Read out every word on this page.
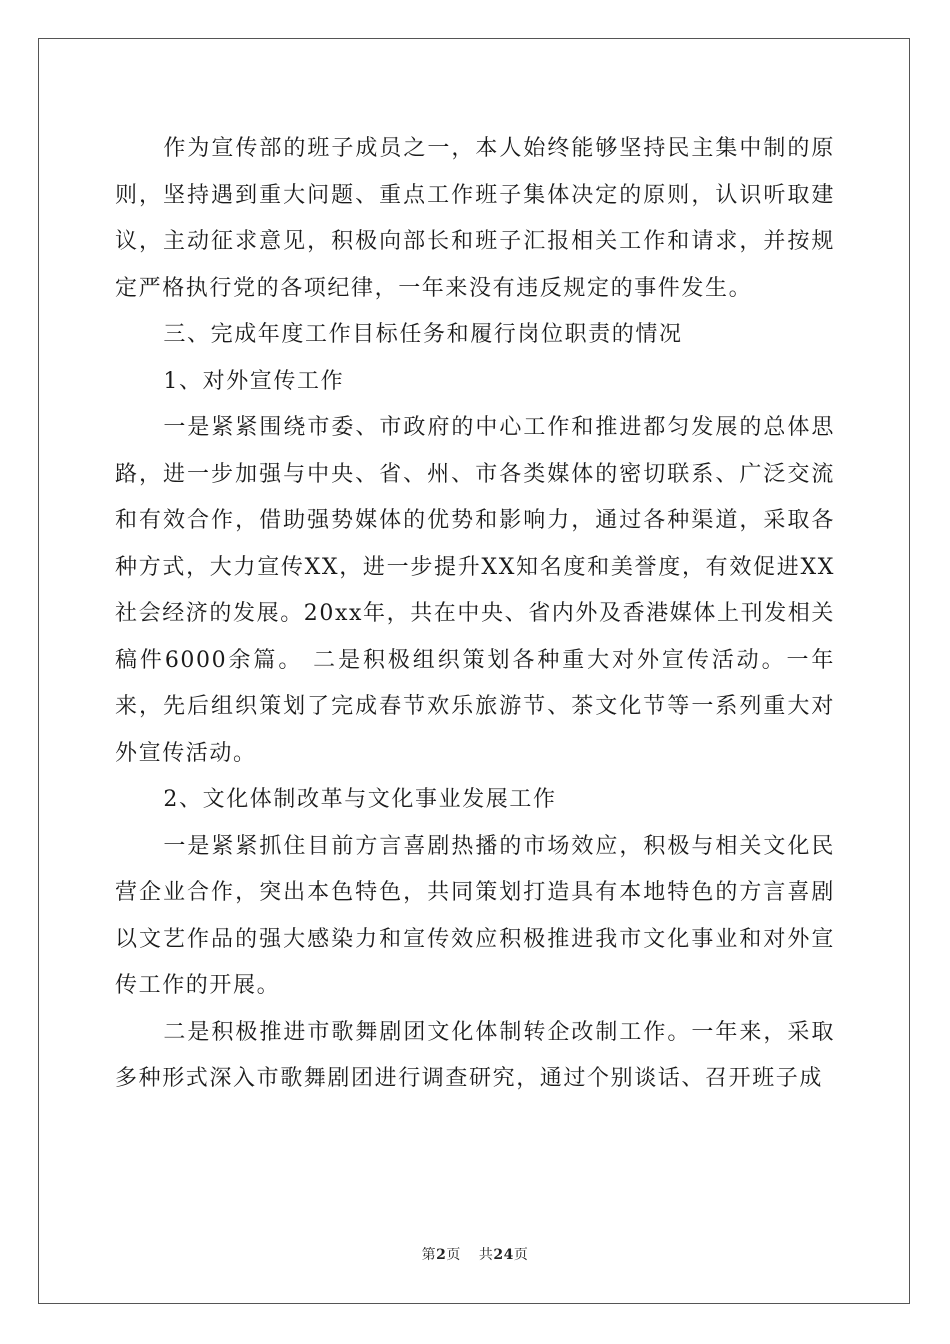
作为宣传部的班子成员之一，本人始终能够坚持民主集中制的原则，坚持遇到重大问题、重点工作班子集体决定的原则，认识听取建议，主动征求意见，积极向部长和班子汇报相关工作和请求，并按规定严格执行党的各项纪律，一年来没有违反规定的事件发生。

三、完成年度工作目标任务和履行岗位职责的情况

1、对外宣传工作

一是紧紧围绕市委、市政府的中心工作和推进都匀发展的总体思路，进一步加强与中央、省、州、市各类媒体的密切联系、广泛交流和有效合作，借助强势媒体的优势和影响力，通过各种渠道，采取各种方式，大力宣传XX，进一步提升XX知名度和美誉度，有效促进XX社会经济的发展。20xx年，共在中央、省内外及香港媒体上刊发相关稿件6000余篇。 二是积极组织策划各种重大对外宣传活动。一年来，先后组织策划了完成春节欢乐旅游节、茶文化节等一系列重大对外宣传活动。

2、文化体制改革与文化事业发展工作

一是紧紧抓住目前方言喜剧热播的市场效应，积极与相关文化民营企业合作，突出本色特色，共同策划打造具有本地特色的方言喜剧以文艺作品的强大感染力和宣传效应积极推进我市文化事业和对外宣传工作的开展。

二是积极推进市歌舞剧团文化体制转企改制工作。一年来，采取多种形式深入市歌舞剧团进行调查研究，通过个别谈话、召开班子成

第2页 共24页
